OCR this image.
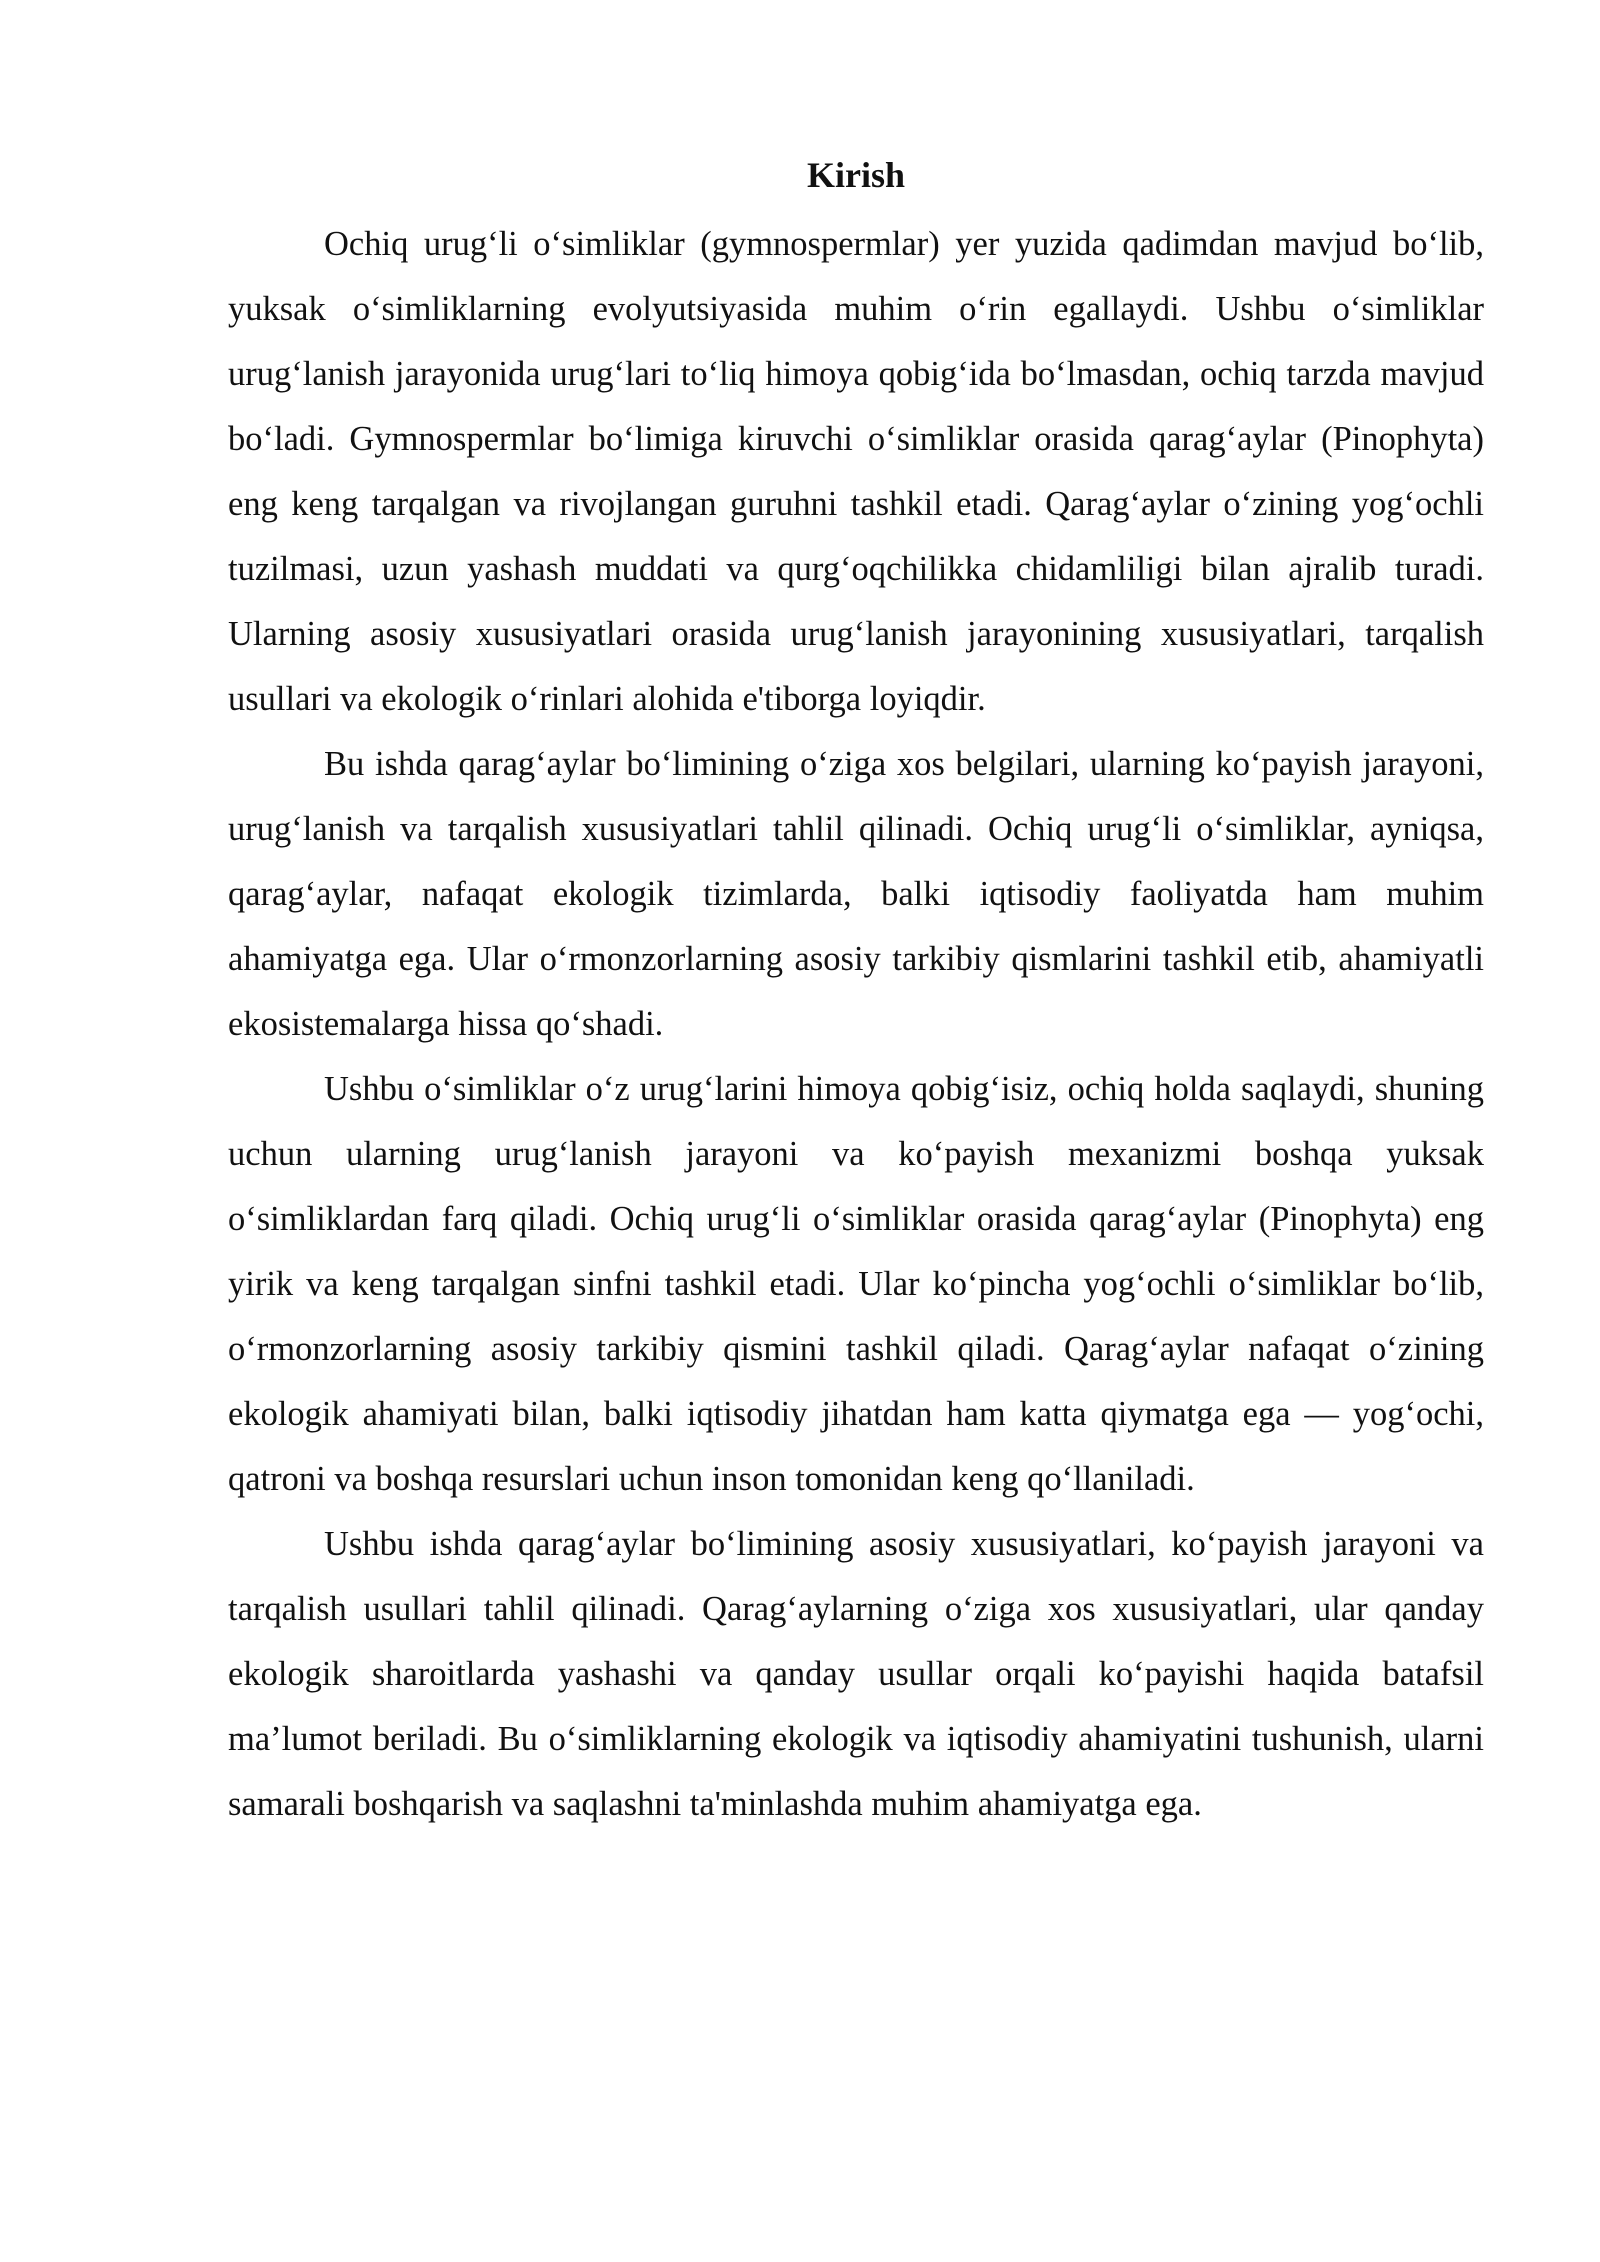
Kirish

Ochiq urug‘li o‘simliklar (gymnospermlar) yer yuzida qadimdan mavjud bo‘lib, yuksak o‘simliklarning evolyutsiyasida muhim o‘rin egallaydi. Ushbu o‘simliklar urug‘lanish jarayonida urug‘lari to‘liq himoya qobig‘ida bo‘lmasdan, ochiq tarzda mavjud bo‘ladi. Gymnospermlar bo‘limiga kiruvchi o‘simliklar orasida qarag‘aylar (Pinophyta) eng keng tarqalgan va rivojlangan guruhni tashkil etadi. Qarag‘aylar o‘zining yog‘ochli tuzilmasi, uzun yashash muddati va qurg‘oqchilikka chidamliligi bilan ajralib turadi. Ularning asosiy xususiyatlari orasida urug‘lanish jarayonining xususiyatlari, tarqalish usullari va ekologik o‘rinlari alohida e'tiborga loyiqdir.

Bu ishda qarag‘aylar bo‘limining o‘ziga xos belgilari, ularning ko‘payish jarayoni, urug‘lanish va tarqalish xususiyatlari tahlil qilinadi. Ochiq urug‘li o‘simliklar, ayniqsa, qarag‘aylar, nafaqat ekologik tizimlarda, balki iqtisodiy faoliyatda ham muhim ahamiyatga ega. Ular o‘rmonzorlarning asosiy tarkibiy qismlarini tashkil etib, ahamiyatli ekosistemalarga hissa qo‘shadi.

Ushbu o‘simliklar o‘z urug‘larini himoya qobig‘isiz, ochiq holda saqlaydi, shuning uchun ularning urug‘lanish jarayoni va ko‘payish mexanizmi boshqa yuksak o‘simliklardan farq qiladi. Ochiq urug‘li o‘simliklar orasida qarag‘aylar (Pinophyta) eng yirik va keng tarqalgan sinfni tashkil etadi. Ular ko‘pincha yog‘ochli o‘simliklar bo‘lib, o‘rmonzorlarning asosiy tarkibiy qismini tashkil qiladi. Qarag‘aylar nafaqat o‘zining ekologik ahamiyati bilan, balki iqtisodiy jihatdan ham katta qiymatga ega — yog‘ochi, qatroni va boshqa resurslari uchun inson tomonidan keng qo‘llaniladi.

Ushbu ishda qarag‘aylar bo‘limining asosiy xususiyatlari, ko‘payish jarayoni va tarqalish usullari tahlil qilinadi. Qarag‘aylarning o‘ziga xos xususiyatlari, ular qanday ekologik sharoitlarda yashashi va qanday usullar orqali ko‘payishi haqida batafsil ma’lumot beriladi. Bu o‘simliklarning ekologik va iqtisodiy ahamiyatini tushunish, ularni samarali boshqarish va saqlashni ta'minlashda muhim ahamiyatga ega.
